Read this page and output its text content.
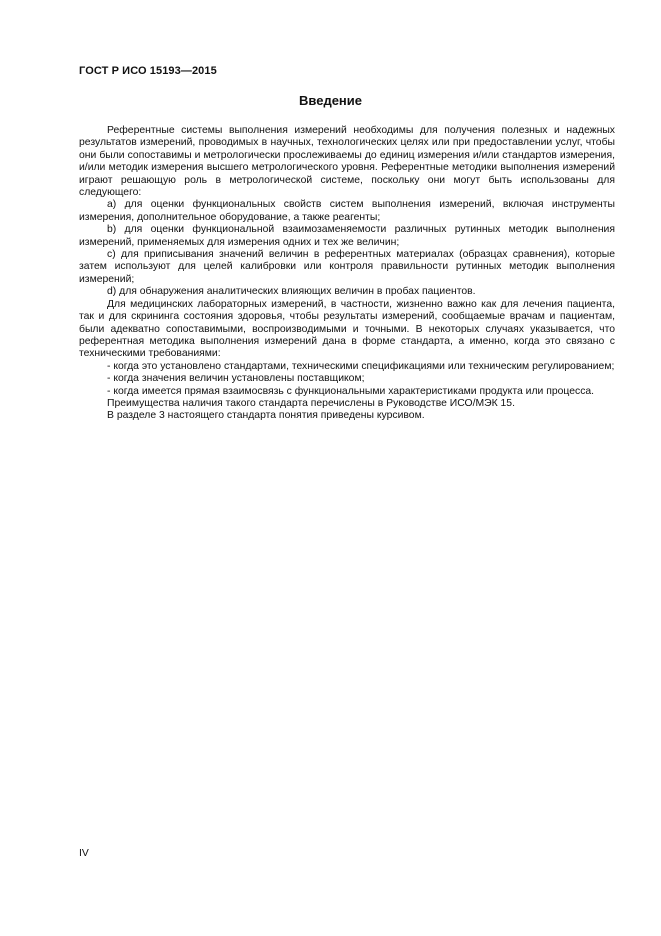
ГОСТ Р ИСО 15193—2015
Введение

Референтные системы выполнения измерений необходимы для получения полезных и надежных результатов измерений, проводимых в научных, технологических целях или при предоставлении услуг, чтобы они были сопоставимы и метрологически прослеживаемы до единиц измерения и/или стандартов измерения, и/или методик измерения высшего метрологического уровня. Референтные методики выполнения измерений играют решающую роль в метрологической системе, поскольку они могут быть использованы для следующего:

a) для оценки функциональных свойств систем выполнения измерений, включая инструменты измерения, дополнительное оборудование, а также реагенты;

b) для оценки функциональной взаимозаменяемости различных рутинных методик выполнения измерений, применяемых для измерения одних и тех же величин;

c) для приписывания значений величин в референтных материалах (образцах сравнения), которые затем используют для целей калибровки или контроля правильности рутинных методик выполнения измерений;

d) для обнаружения аналитических влияющих величин в пробах пациентов.

Для медицинских лабораторных измерений, в частности, жизненно важно как для лечения пациента, так и для скрининга состояния здоровья, чтобы результаты измерений, сообщаемые врачам и пациентам, были адекватно сопоставимыми, воспроизводимыми и точными. В некоторых случаях указывается, что референтная методика выполнения измерений дана в форме стандарта, а именно, когда это связано с техническими требованиями:

- когда это установлено стандартами, техническими спецификациями или техническим регулированием;

- когда значения величин установлены поставщиком;

- когда имеется прямая взаимосвязь с функциональными характеристиками продукта или процесса.

Преимущества наличия такого стандарта перечислены в Руководстве ИСО/МЭК 15.

В разделе 3 настоящего стандарта понятия приведены курсивом.

IV
